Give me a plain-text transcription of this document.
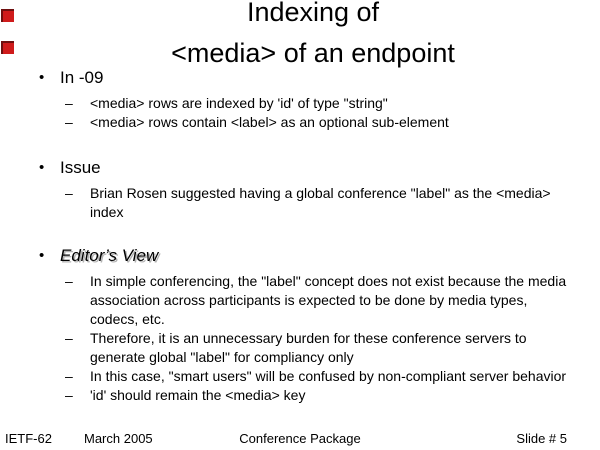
Indexing of
<media> of an endpoint
• In -09
– <media> rows are indexed by 'id' of type "string"
– <media> rows contain <label> as an optional sub-element
• Issue
– Brian Rosen suggested having a global conference "label" as the <media> index
• Editor’s View
– In simple conferencing, the "label" concept does not exist because the media association across participants is expected to be done by media types, codecs, etc.
– Therefore, it is an unnecessary burden for these conference servers to generate global "label" for compliancy only
– In this case, "smart users" will be confused by non-compliant server behavior
– 'id' should remain the <media> key
Conference Package
IETF-62 March 2005	Slide # 5
